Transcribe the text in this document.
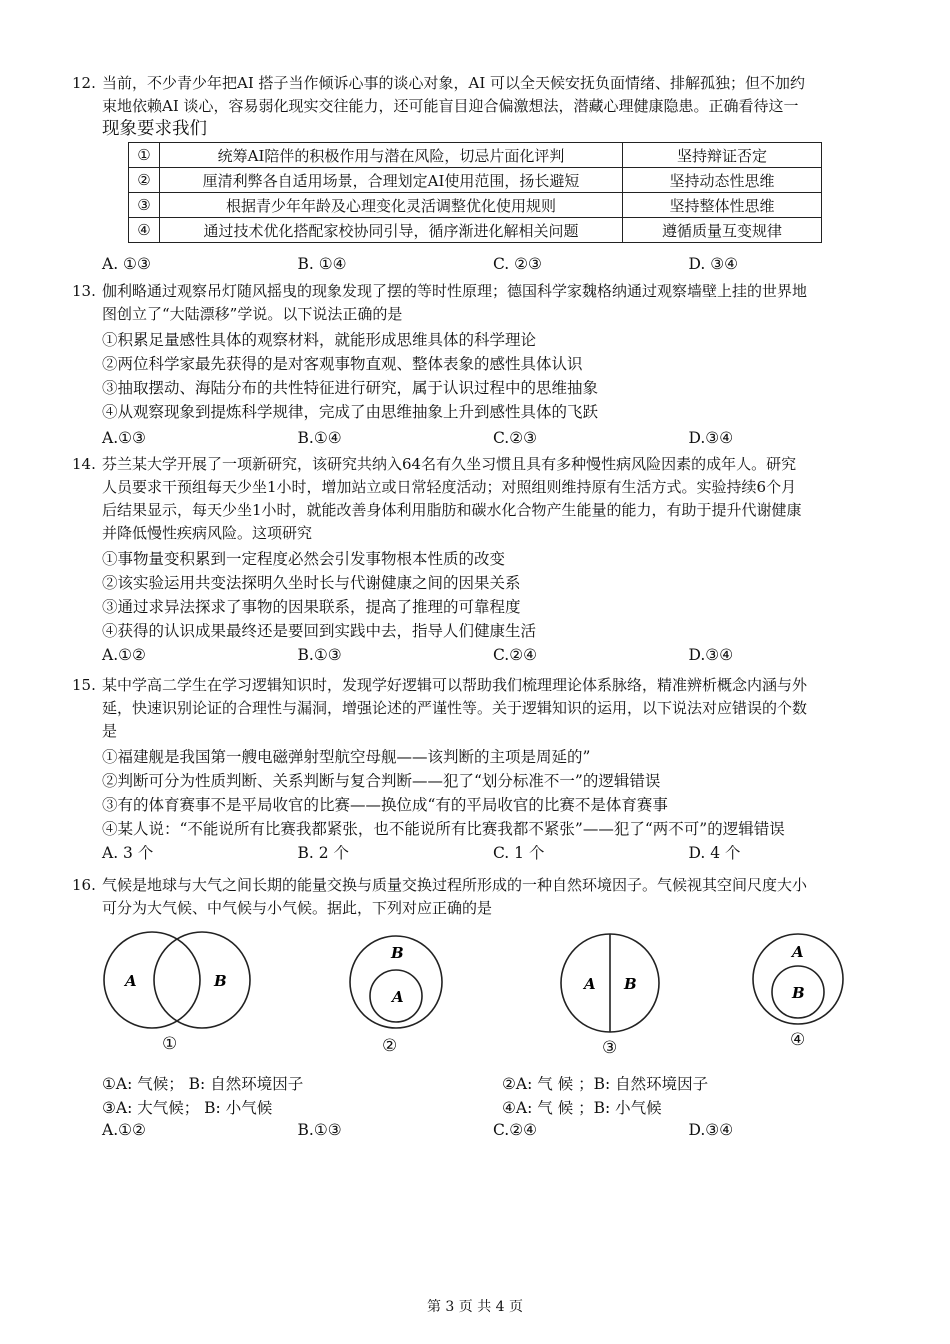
12. 当前，不少青少年把AI 搭子当作倾诉心事的谈心对象，AI 可以全天候安抚负面情绪、排解孤独；但不加约
束地依赖AI 谈心，容易弱化现实交往能力，还可能盲目迎合偏激想法，潜藏心理健康隐患。正确看待这一
现象要求我们
①	统筹AI陪伴的积极作用与潜在风险，切忌片面化评判	坚持辩证否定
②	厘清利弊各自适用场景，合理划定AI使用范围，扬长避短	坚持动态性思维
③	根据青少年年龄及心理变化灵活调整优化使用规则	坚持整体性思维
④	通过技术优化搭配家校协同引导，循序渐进化解相关问题	遵循质量互变规律
A. ①③	B. ①④	C. ②③	D. ③④
13. 伽利略通过观察吊灯随风摇曳的现象发现了摆的等时性原理；德国科学家魏格纳通过观察墙壁上挂的世界地
图创立了“大陆漂移”学说。以下说法正确的是
①积累足量感性具体的观察材料，就能形成思维具体的科学理论
②两位科学家最先获得的是对客观事物直观、整体表象的感性具体认识
③抽取摆动、海陆分布的共性特征进行研究，属于认识过程中的思维抽象
④从观察现象到提炼科学规律，完成了由思维抽象上升到感性具体的飞跃
A.①③	B.①④	C.②③	D.③④
14. 芬兰某大学开展了一项新研究，该研究共纳入64名有久坐习惯且具有多种慢性病风险因素的成年人。研究
人员要求干预组每天少坐1小时，增加站立或日常轻度活动；对照组则维持原有生活方式。实验持续6个月
后结果显示，每天少坐1小时，就能改善身体利用脂肪和碳水化合物产生能量的能力，有助于提升代谢健康
并降低慢性疾病风险。这项研究
①事物量变积累到一定程度必然会引发事物根本性质的改变
②该实验运用共变法探明久坐时长与代谢健康之间的因果关系
③通过求异法探求了事物的因果联系，提高了推理的可靠程度
④获得的认识成果最终还是要回到实践中去，指导人们健康生活
A.①②	B.①③	C.②④	D.③④
15. 某中学高二学生在学习逻辑知识时，发现学好逻辑可以帮助我们梳理理论体系脉络，精准辨析概念内涵与外
延，快速识别论证的合理性与漏洞，增强论述的严谨性等。关于逻辑知识的运用，以下说法对应错误的个数
是
①福建舰是我国第一艘电磁弹射型航空母舰——该判断的主项是周延的”
②判断可分为性质判断、关系判断与复合判断——犯了“划分标准不一”的逻辑错误
③有的体育赛事不是平局收官的比赛——换位成“有的平局收官的比赛不是体育赛事
④某人说：“不能说所有比赛我都紧张，也不能说所有比赛我都不紧张”——犯了“两不可”的逻辑错误
A. 3 个	B. 2 个	C. 1 个	D. 4 个
16. 气候是地球与大气之间长期的能量交换与质量交换过程所形成的一种自然环境因子。气候视其空间尺度大小
可分为大气候、中气候与小气候。据此，下列对应正确的是
A	B
①
B
A
②
A B
③
A
B
④
①A: 气候； B: 自然环境因子	②A: 气 候 ；B: 自然环境因子
③A: 大气候； B: 小气候	④A: 气 候 ；B: 小气候
A.①②	B.①③	C.②④	D.③④
第 3 页 共 4 页
